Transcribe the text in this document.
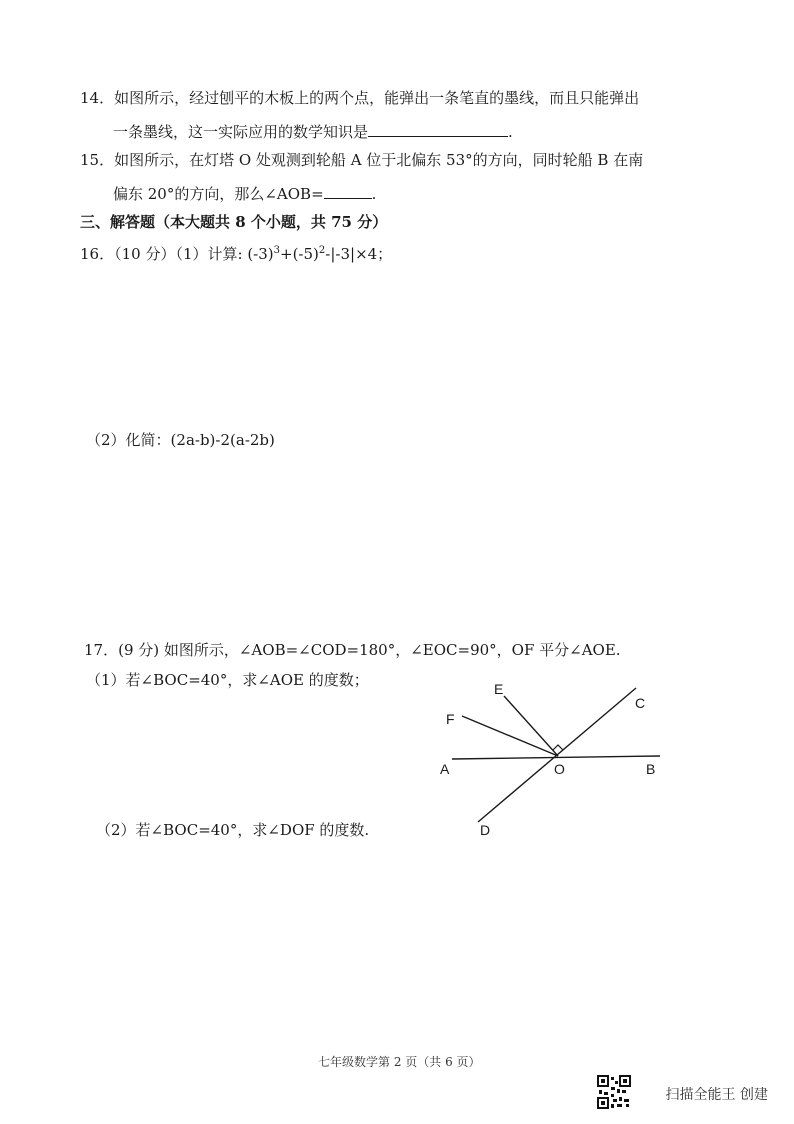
14．如图所示，经过刨平的木板上的两个点，能弹出一条笔直的墨线，而且只能弹出
一条墨线，这一实际应用的数学知识是	.
15．如图所示，在灯塔 O 处观测到轮船 A 位于北偏东 53°的方向，同时轮船 B 在南
偏东 20°的方向，那么∠AOB=	.
三、解答题（本大题共 8 个小题，共 75 分）
16．（10 分）（1）计算: $(-3)^3+(-5)^2-|-3|\times 4$；
（2）化简：(2a-b)-2(a-2b)
17．(9 分) 如图所示，∠AOB=∠COD=180°，∠EOC=90°，OF 平分∠AOE.
（1）若∠BOC=40°，求∠AOE 的度数；
（2）若∠BOC=40°，求∠DOF 的度数.
A	B
C
D
E
F
O
七年级数学第 2 页（共 6 页）
扫描全能王 创建
